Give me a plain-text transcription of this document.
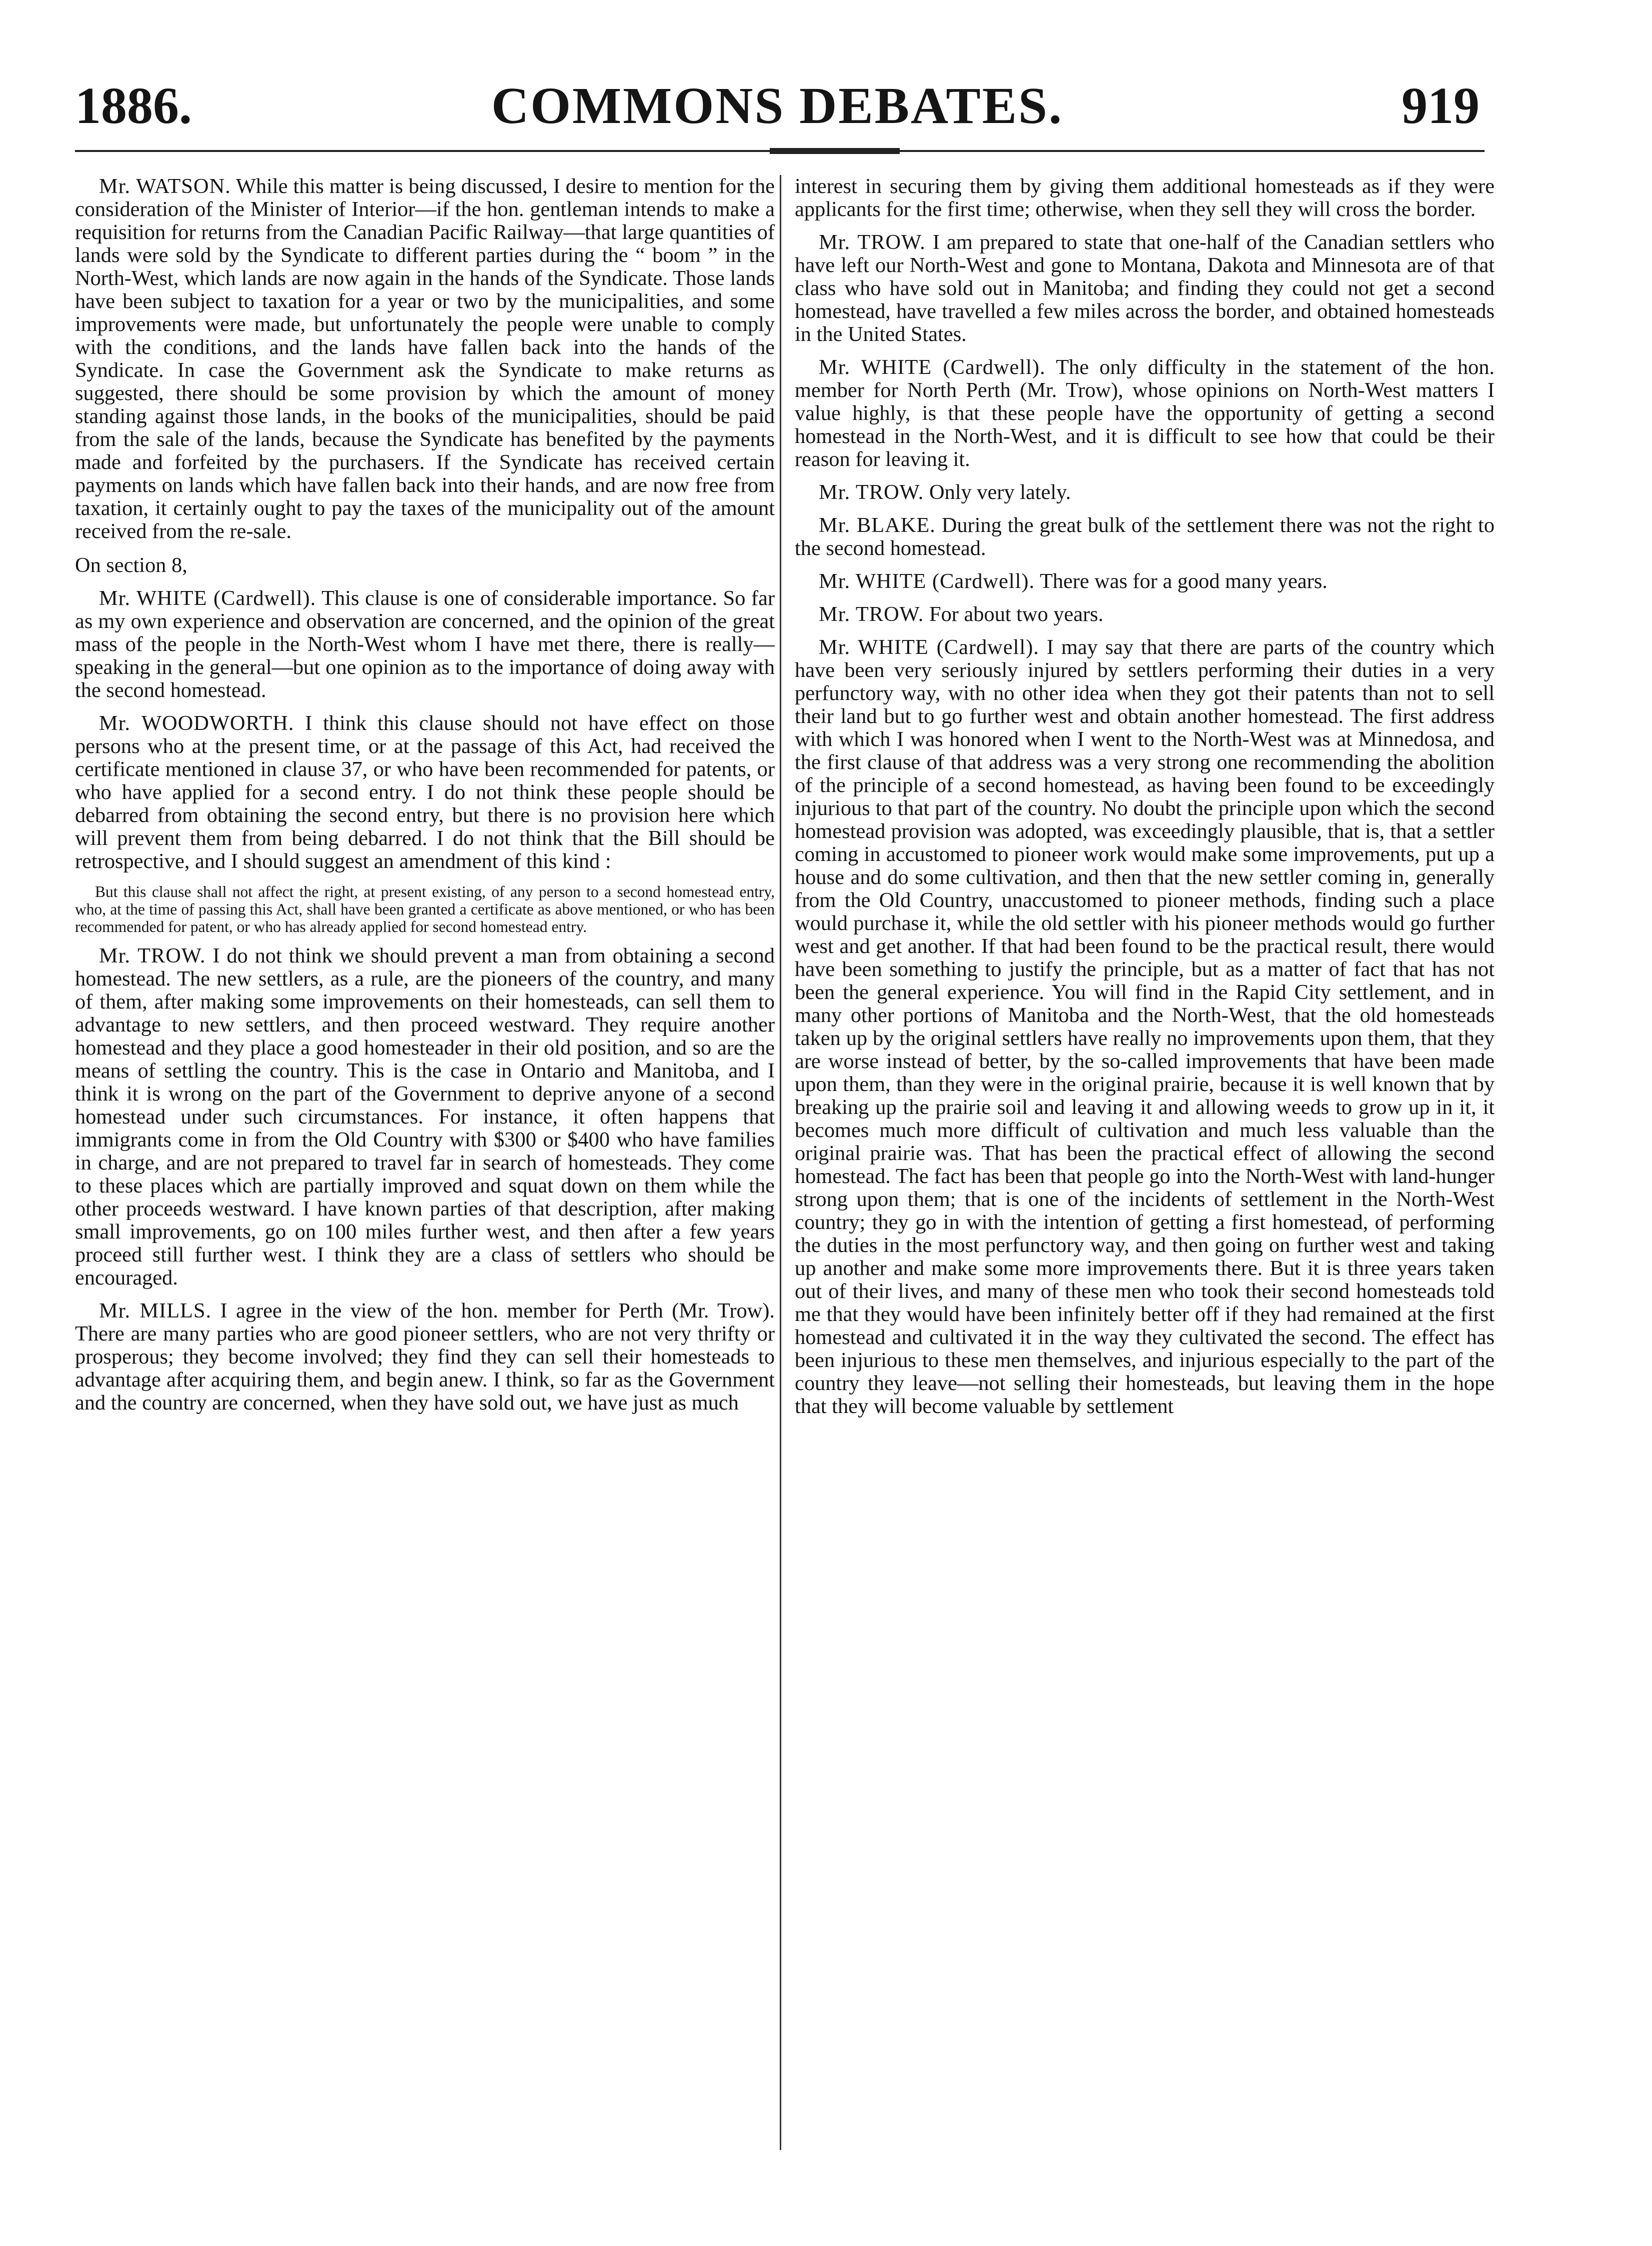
1886.	COMMONS DEBATES.	919

Mr. WATSON. While this matter is being discussed, I desire to mention for the consideration of the Minister of Interior—if the hon. gentleman intends to make a requisition for returns from the Canadian Pacific Railway—that large quantities of lands were sold by the Syndicate to different parties during the “ boom ” in the North-West, which lands are now again in the hands of the Syndicate. Those lands have been subject to taxation for a year or two by the municipalities, and some improvements were made, but unfortunately the people were unable to comply with the conditions, and the lands have fallen back into the hands of the Syndicate. In case the Government ask the Syndicate to make returns as suggested, there should be some provision by which the amount of money standing against those lands, in the books of the municipalities, should be paid from the sale of the lands, because the Syndicate has benefited by the payments made and forfeited by the purchasers. If the Syndicate has received certain payments on lands which have fallen back into their hands, and are now free from taxation, it certainly ought to pay the taxes of the municipality out of the amount received from the re-sale.

On section 8,

Mr. WHITE (Cardwell). This clause is one of considerable importance. So far as my own experience and observation are concerned, and the opinion of the great mass of the people in the North-West whom I have met there, there is really—speaking in the general—but one opinion as to the importance of doing away with the second homestead.

Mr. WOODWORTH. I think this clause should not have effect on those persons who at the present time, or at the passage of this Act, had received the certificate mentioned in clause 37, or who have been recommended for patents, or who have applied for a second entry. I do not think these people should be debarred from obtaining the second entry, but there is no provision here which will prevent them from being debarred. I do not think that the Bill should be retrospective, and I should suggest an amendment of this kind :

But this clause shall not affect the right, at present existing, of any person to a second homestead entry, who, at the time of passing this Act, shall have been granted a certificate as above mentioned, or who has been recommended for patent, or who has already applied for second homestead entry.

Mr. TROW. I do not think we should prevent a man from obtaining a second homestead. The new settlers, as a rule, are the pioneers of the country, and many of them, after making some improvements on their homesteads, can sell them to advantage to new settlers, and then proceed westward. They require another homestead and they place a good homesteader in their old position, and so are the means of settling the country. This is the case in Ontario and Manitoba, and I think it is wrong on the part of the Government to deprive anyone of a second homestead under such circumstances. For instance, it often happens that immigrants come in from the Old Country with $300 or $400 who have families in charge, and are not prepared to travel far in search of homesteads. They come to these places which are partially improved and squat down on them while the other proceeds westward. I have known parties of that description, after making small improvements, go on 100 miles further west, and then after a few years proceed still further west. I think they are a class of settlers who should be encouraged.

Mr. MILLS. I agree in the view of the hon. member for Perth (Mr. Trow). There are many parties who are good pioneer settlers, who are not very thrifty or prosperous; they become involved; they find they can sell their homesteads to advantage after acquiring them, and begin anew. I think, so far as the Government and the country are concerned, when they have sold out, we have just as much

interest in securing them by giving them additional homesteads as if they were applicants for the first time; otherwise, when they sell they will cross the border.

Mr. TROW. I am prepared to state that one-half of the Canadian settlers who have left our North-West and gone to Montana, Dakota and Minnesota are of that class who have sold out in Manitoba; and finding they could not get a second homestead, have travelled a few miles across the border, and obtained homesteads in the United States.

Mr. WHITE (Cardwell). The only difficulty in the statement of the hon. member for North Perth (Mr. Trow), whose opinions on North-West matters I value highly, is that these people have the opportunity of getting a second homestead in the North-West, and it is difficult to see how that could be their reason for leaving it.

Mr. TROW. Only very lately.

Mr. BLAKE. During the great bulk of the settlement there was not the right to the second homestead.

Mr. WHITE (Cardwell). There was for a good many years.

Mr. TROW. For about two years.

Mr. WHITE (Cardwell). I may say that there are parts of the country which have been very seriously injured by settlers performing their duties in a very perfunctory way, with no other idea when they got their patents than not to sell their land but to go further west and obtain another homestead. The first address with which I was honored when I went to the North-West was at Minnedosa, and the first clause of that address was a very strong one recommending the abolition of the principle of a second homestead, as having been found to be exceedingly injurious to that part of the country. No doubt the principle upon which the second homestead provision was adopted, was exceedingly plausible, that is, that a settler coming in accustomed to pioneer work would make some improvements, put up a house and do some cultivation, and then that the new settler coming in, generally from the Old Country, unaccustomed to pioneer methods, finding such a place would purchase it, while the old settler with his pioneer methods would go further west and get another. If that had been found to be the practical result, there would have been something to justify the principle, but as a matter of fact that has not been the general experience. You will find in the Rapid City settlement, and in many other portions of Manitoba and the North-West, that the old homesteads taken up by the original settlers have really no improvements upon them, that they are worse instead of better, by the so-called improvements that have been made upon them, than they were in the original prairie, because it is well known that by breaking up the prairie soil and leaving it and allowing weeds to grow up in it, it becomes much more difficult of cultivation and much less valuable than the original prairie was. That has been the practical effect of allowing the second homestead. The fact has been that people go into the North-West with land-hunger strong upon them; that is one of the incidents of settlement in the North-West country; they go in with the intention of getting a first homestead, of performing the duties in the most perfunctory way, and then going on further west and taking up another and make some more improvements there. But it is three years taken out of their lives, and many of these men who took their second homesteads told me that they would have been infinitely better off if they had remained at the first homestead and cultivated it in the way they cultivated the second. The effect has been injurious to these men themselves, and injurious especially to the part of the country they leave—not selling their homesteads, but leaving them in the hope that they will become valuable by settlement
